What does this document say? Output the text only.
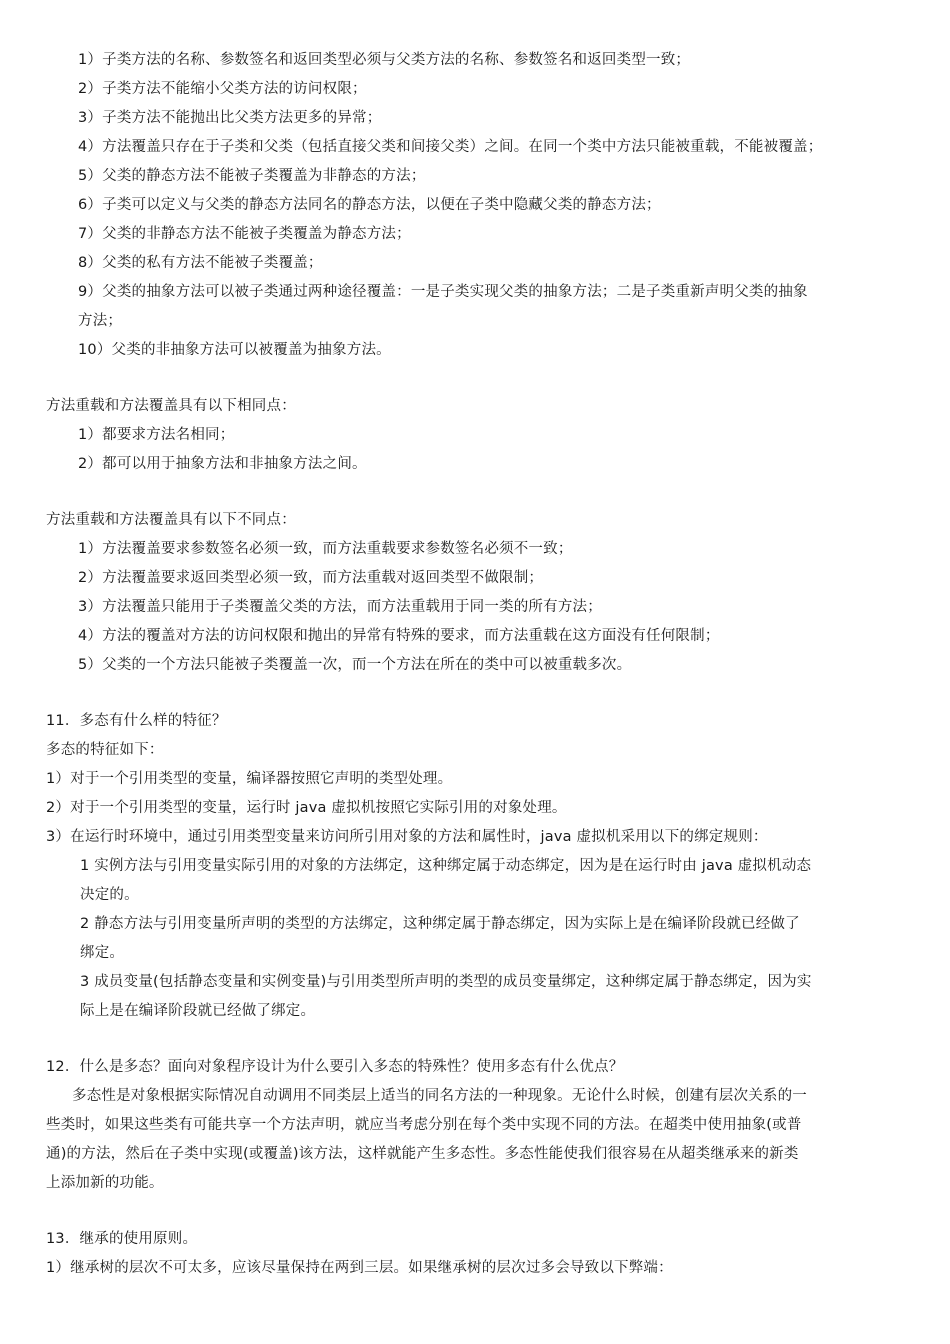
1）子类方法的名称、参数签名和返回类型必须与父类方法的名称、参数签名和返回类型一致；
2）子类方法不能缩小父类方法的访问权限；
3）子类方法不能抛出比父类方法更多的异常；
4）方法覆盖只存在于子类和父类（包括直接父类和间接父类）之间。在同一个类中方法只能被重载，不能被覆盖；
5）父类的静态方法不能被子类覆盖为非静态的方法；
6）子类可以定义与父类的静态方法同名的静态方法，以便在子类中隐藏父类的静态方法；
7）父类的非静态方法不能被子类覆盖为静态方法；
8）父类的私有方法不能被子类覆盖；
9）父类的抽象方法可以被子类通过两种途径覆盖：一是子类实现父类的抽象方法；二是子类重新声明父类的抽象
方法；
10）父类的非抽象方法可以被覆盖为抽象方法。
方法重载和方法覆盖具有以下相同点：
1）都要求方法名相同；
2）都可以用于抽象方法和非抽象方法之间。
方法重载和方法覆盖具有以下不同点：
1）方法覆盖要求参数签名必须一致，而方法重载要求参数签名必须不一致；
2）方法覆盖要求返回类型必须一致，而方法重载对返回类型不做限制；
3）方法覆盖只能用于子类覆盖父类的方法，而方法重载用于同一类的所有方法；
4）方法的覆盖对方法的访问权限和抛出的异常有特殊的要求，而方法重载在这方面没有任何限制；
5）父类的一个方法只能被子类覆盖一次，而一个方法在所在的类中可以被重载多次。
11．多态有什么样的特征？
多态的特征如下：
1）对于一个引用类型的变量，编译器按照它声明的类型处理。
2）对于一个引用类型的变量，运行时 java 虚拟机按照它实际引用的对象处理。
3）在运行时环境中，通过引用类型变量来访问所引用对象的方法和属性时，java 虚拟机采用以下的绑定规则：
1 实例方法与引用变量实际引用的对象的方法绑定，这种绑定属于动态绑定，因为是在运行时由 java 虚拟机动态
决定的。
2 静态方法与引用变量所声明的类型的方法绑定，这种绑定属于静态绑定，因为实际上是在编译阶段就已经做了
绑定。
3 成员变量(包括静态变量和实例变量)与引用类型所声明的类型的成员变量绑定，这种绑定属于静态绑定，因为实
际上是在编译阶段就已经做了绑定。
12．什么是多态？面向对象程序设计为什么要引入多态的特殊性？使用多态有什么优点？
多态性是对象根据实际情况自动调用不同类层上适当的同名方法的一种现象。无论什么时候，创建有层次关系的一
些类时，如果这些类有可能共享一个方法声明，就应当考虑分别在每个类中实现不同的方法。在超类中使用抽象(或普
通)的方法，然后在子类中实现(或覆盖)该方法，这样就能产生多态性。多态性能使我们很容易在从超类继承来的新类
上添加新的功能。
13．继承的使用原则。
1）继承树的层次不可太多，应该尽量保持在两到三层。如果继承树的层次过多会导致以下弊端：
